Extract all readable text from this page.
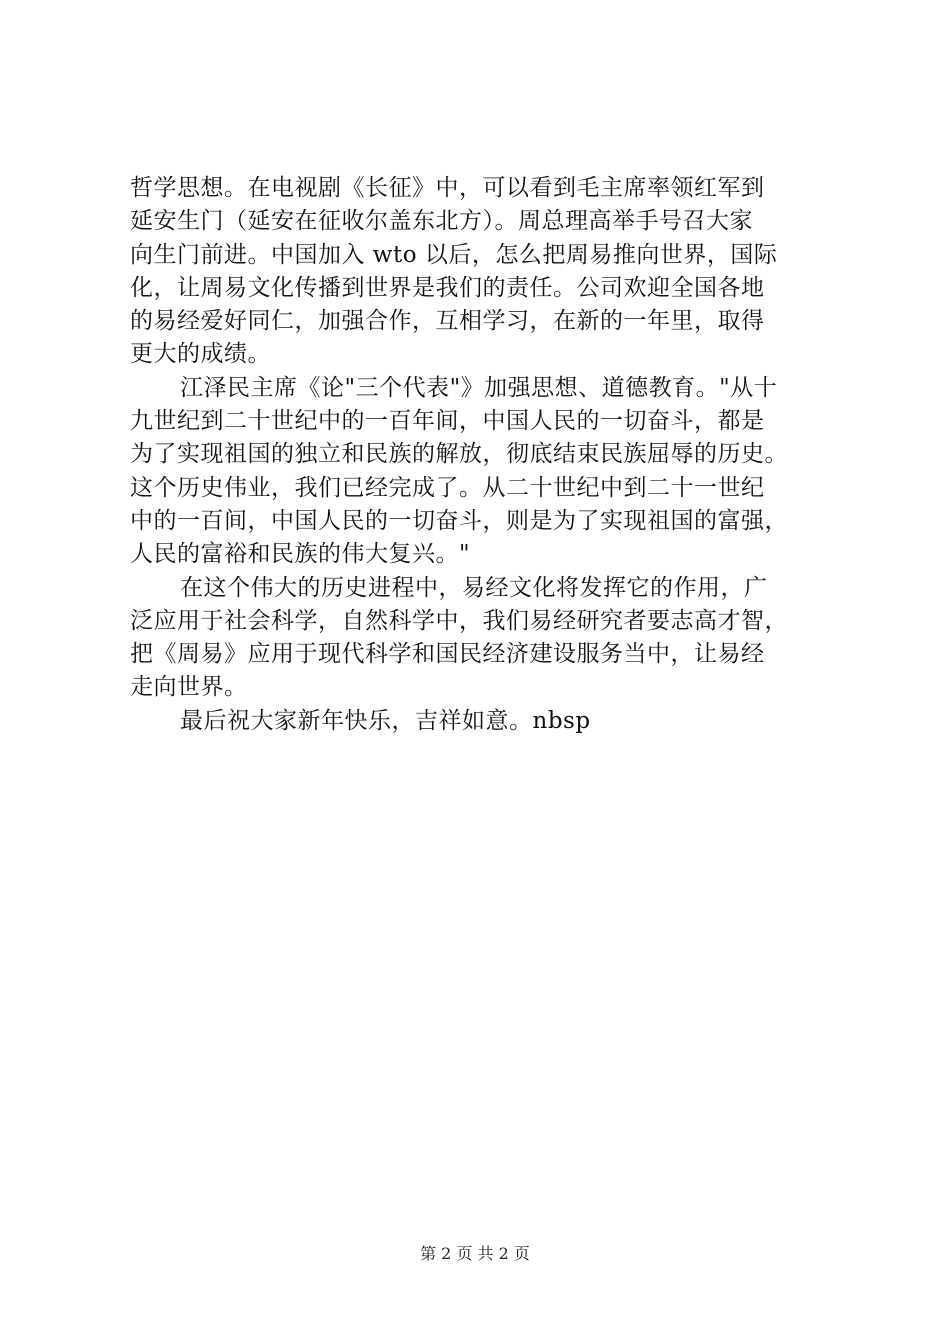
哲学思想。在电视剧《长征》中，可以看到毛主席率领红军到
延安生门（延安在征收尔盖东北方）。周总理高举手号召大家
向生门前进。中国加入 wto 以后，怎么把周易推向世界，国际
化，让周易文化传播到世界是我们的责任。公司欢迎全国各地
的易经爱好同仁，加强合作，互相学习，在新的一年里，取得
更大的成绩。
江泽民主席《论"三个代表"》加强思想、道德教育。"从十
九世纪到二十世纪中的一百年间，中国人民的一切奋斗，都是
为了实现祖国的独立和民族的解放，彻底结束民族屈辱的历史。
这个历史伟业，我们已经完成了。从二十世纪中到二十一世纪
中的一百间，中国人民的一切奋斗，则是为了实现祖国的富强，
人民的富裕和民族的伟大复兴。"
在这个伟大的历史进程中，易经文化将发挥它的作用，广
泛应用于社会科学，自然科学中，我们易经研究者要志高才智，
把《周易》应用于现代科学和国民经济建设服务当中，让易经
走向世界。
最后祝大家新年快乐，吉祥如意。nbsp
第 2 页 共 2 页
